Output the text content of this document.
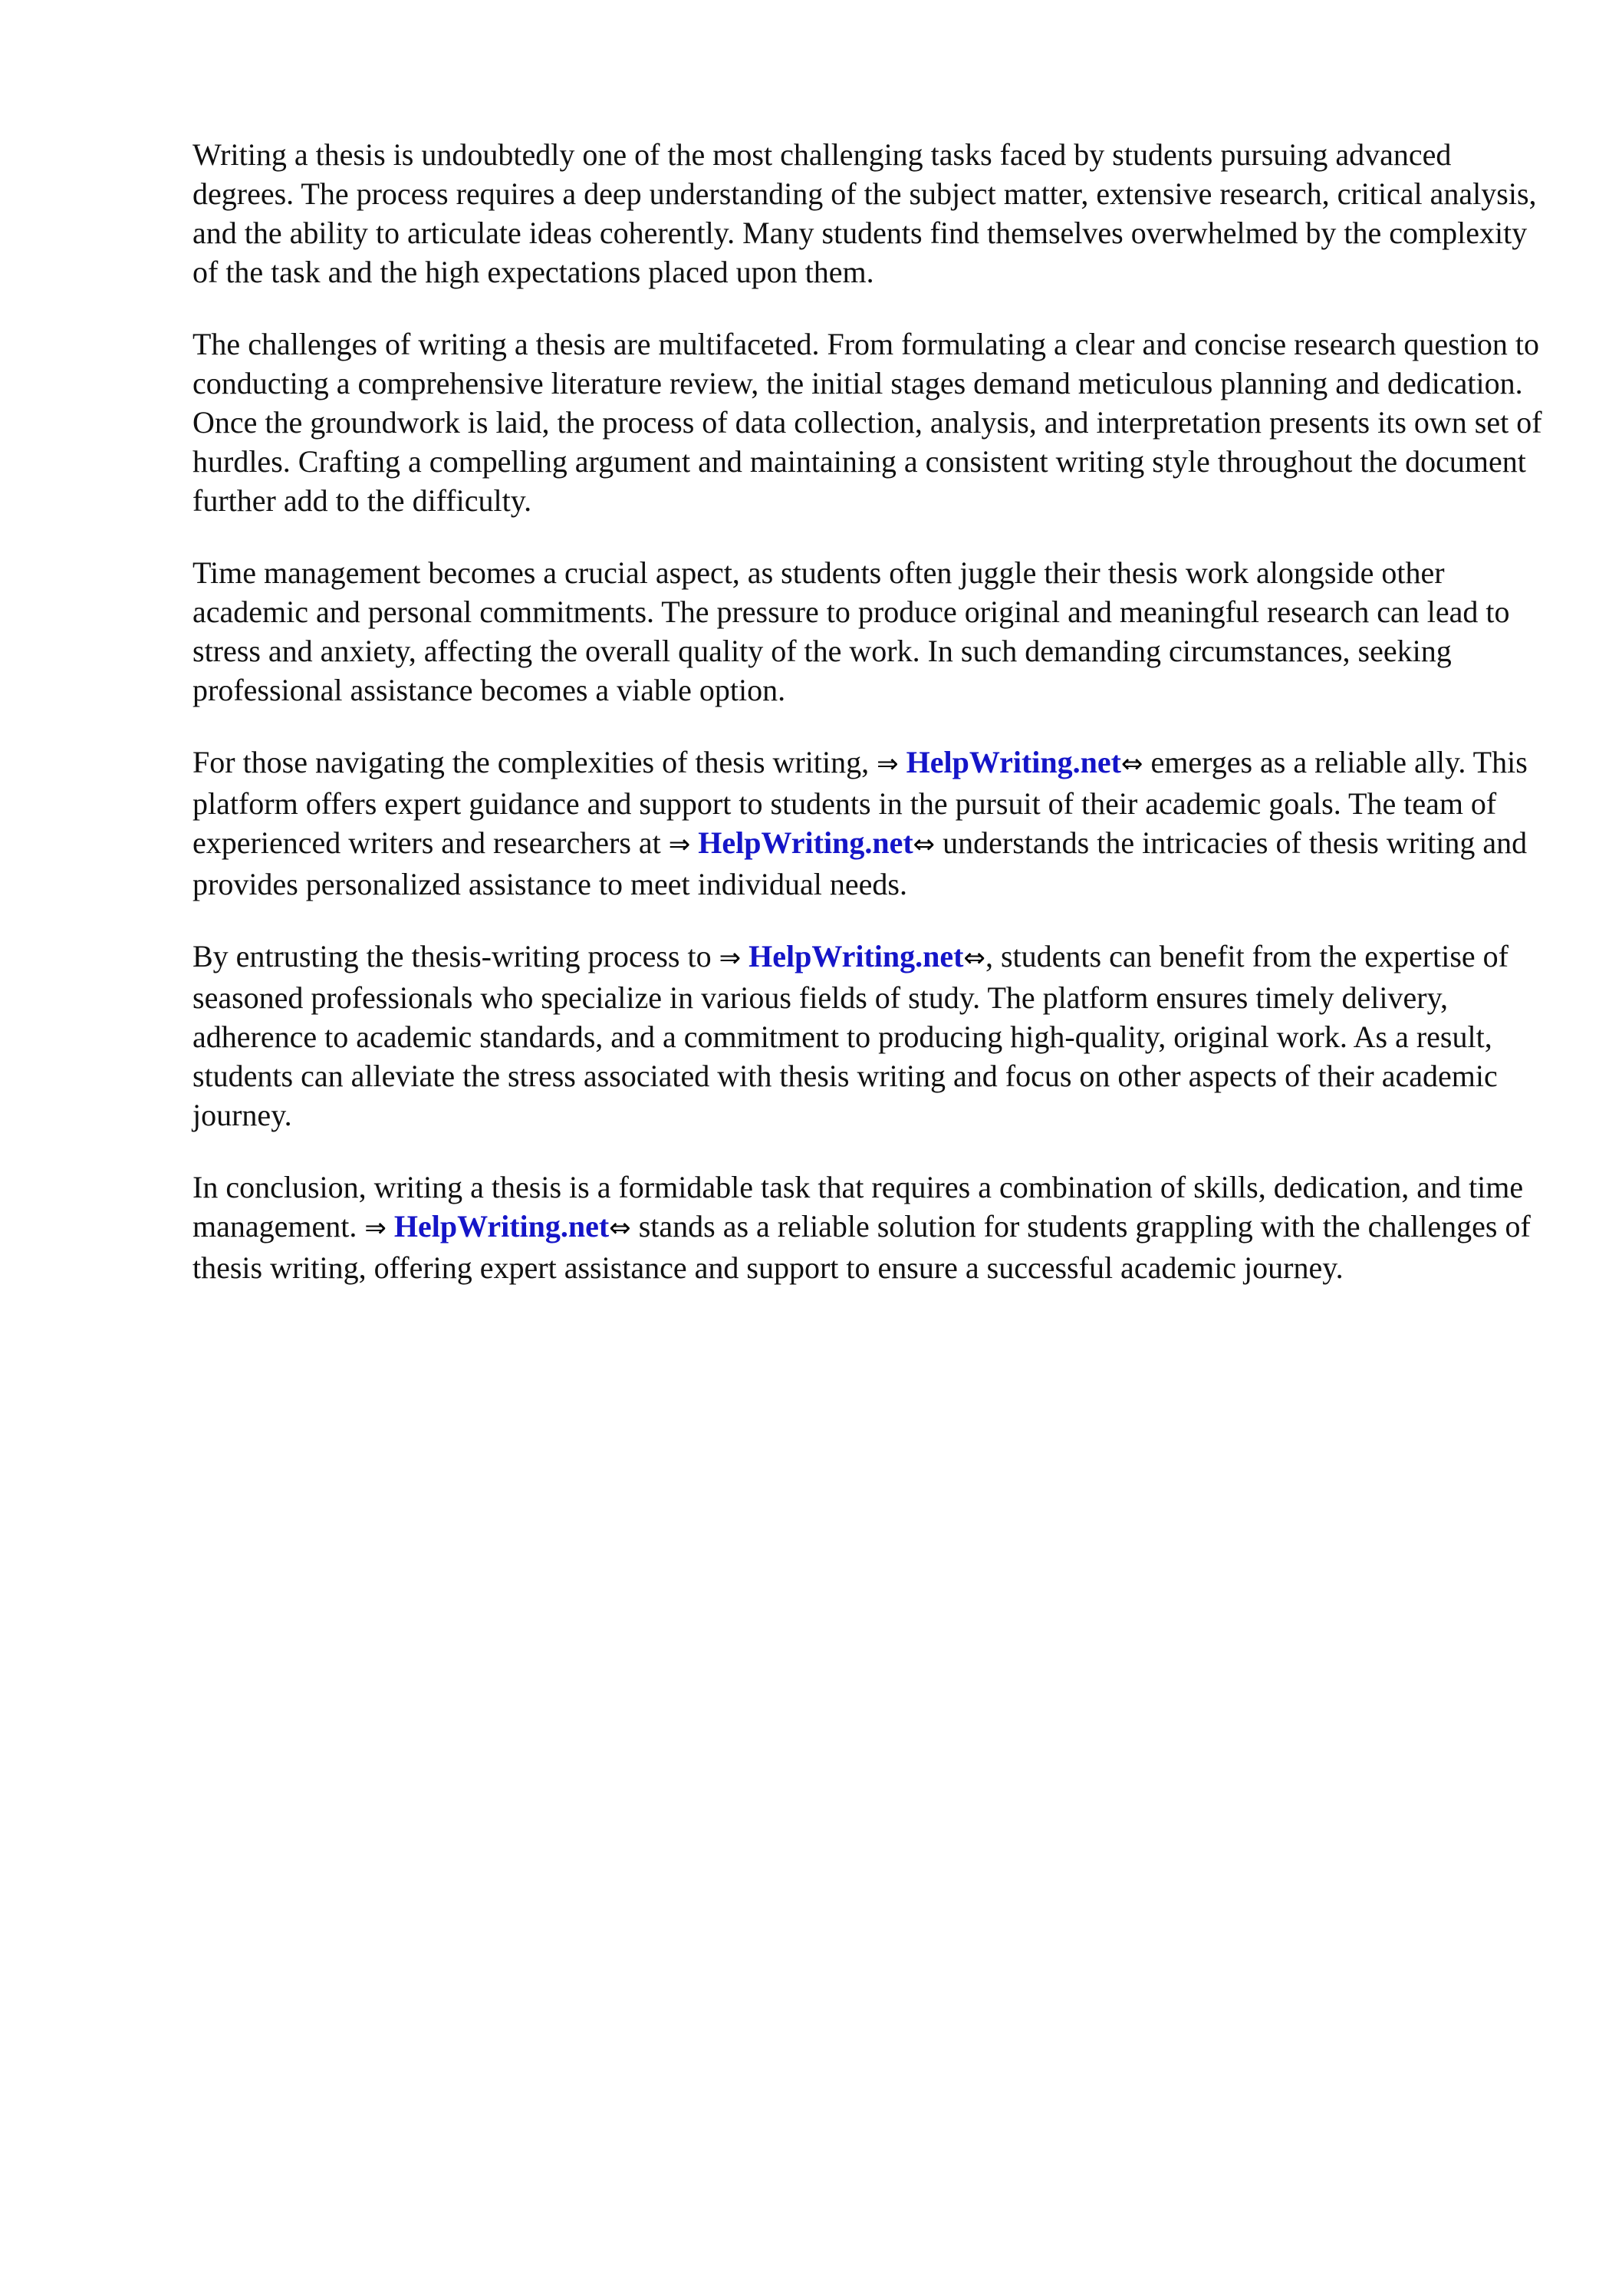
Writing a thesis is undoubtedly one of the most challenging tasks faced by students pursuing advanced degrees. The process requires a deep understanding of the subject matter, extensive research, critical analysis, and the ability to articulate ideas coherently. Many students find themselves overwhelmed by the complexity of the task and the high expectations placed upon them.

The challenges of writing a thesis are multifaceted. From formulating a clear and concise research question to conducting a comprehensive literature review, the initial stages demand meticulous planning and dedication. Once the groundwork is laid, the process of data collection, analysis, and interpretation presents its own set of hurdles. Crafting a compelling argument and maintaining a consistent writing style throughout the document further add to the difficulty.

Time management becomes a crucial aspect, as students often juggle their thesis work alongside other academic and personal commitments. The pressure to produce original and meaningful research can lead to stress and anxiety, affecting the overall quality of the work. In such demanding circumstances, seeking professional assistance becomes a viable option.

For those navigating the complexities of thesis writing, ⇒ HelpWriting.net⇔ emerges as a reliable ally. This platform offers expert guidance and support to students in the pursuit of their academic goals. The team of experienced writers and researchers at ⇒ HelpWriting.net⇔ understands the intricacies of thesis writing and provides personalized assistance to meet individual needs.

By entrusting the thesis-writing process to ⇒ HelpWriting.net⇔, students can benefit from the expertise of seasoned professionals who specialize in various fields of study. The platform ensures timely delivery, adherence to academic standards, and a commitment to producing high-quality, original work. As a result, students can alleviate the stress associated with thesis writing and focus on other aspects of their academic journey.

In conclusion, writing a thesis is a formidable task that requires a combination of skills, dedication, and time management. ⇒ HelpWriting.net⇔ stands as a reliable solution for students grappling with the challenges of thesis writing, offering expert assistance and support to ensure a successful academic journey.
